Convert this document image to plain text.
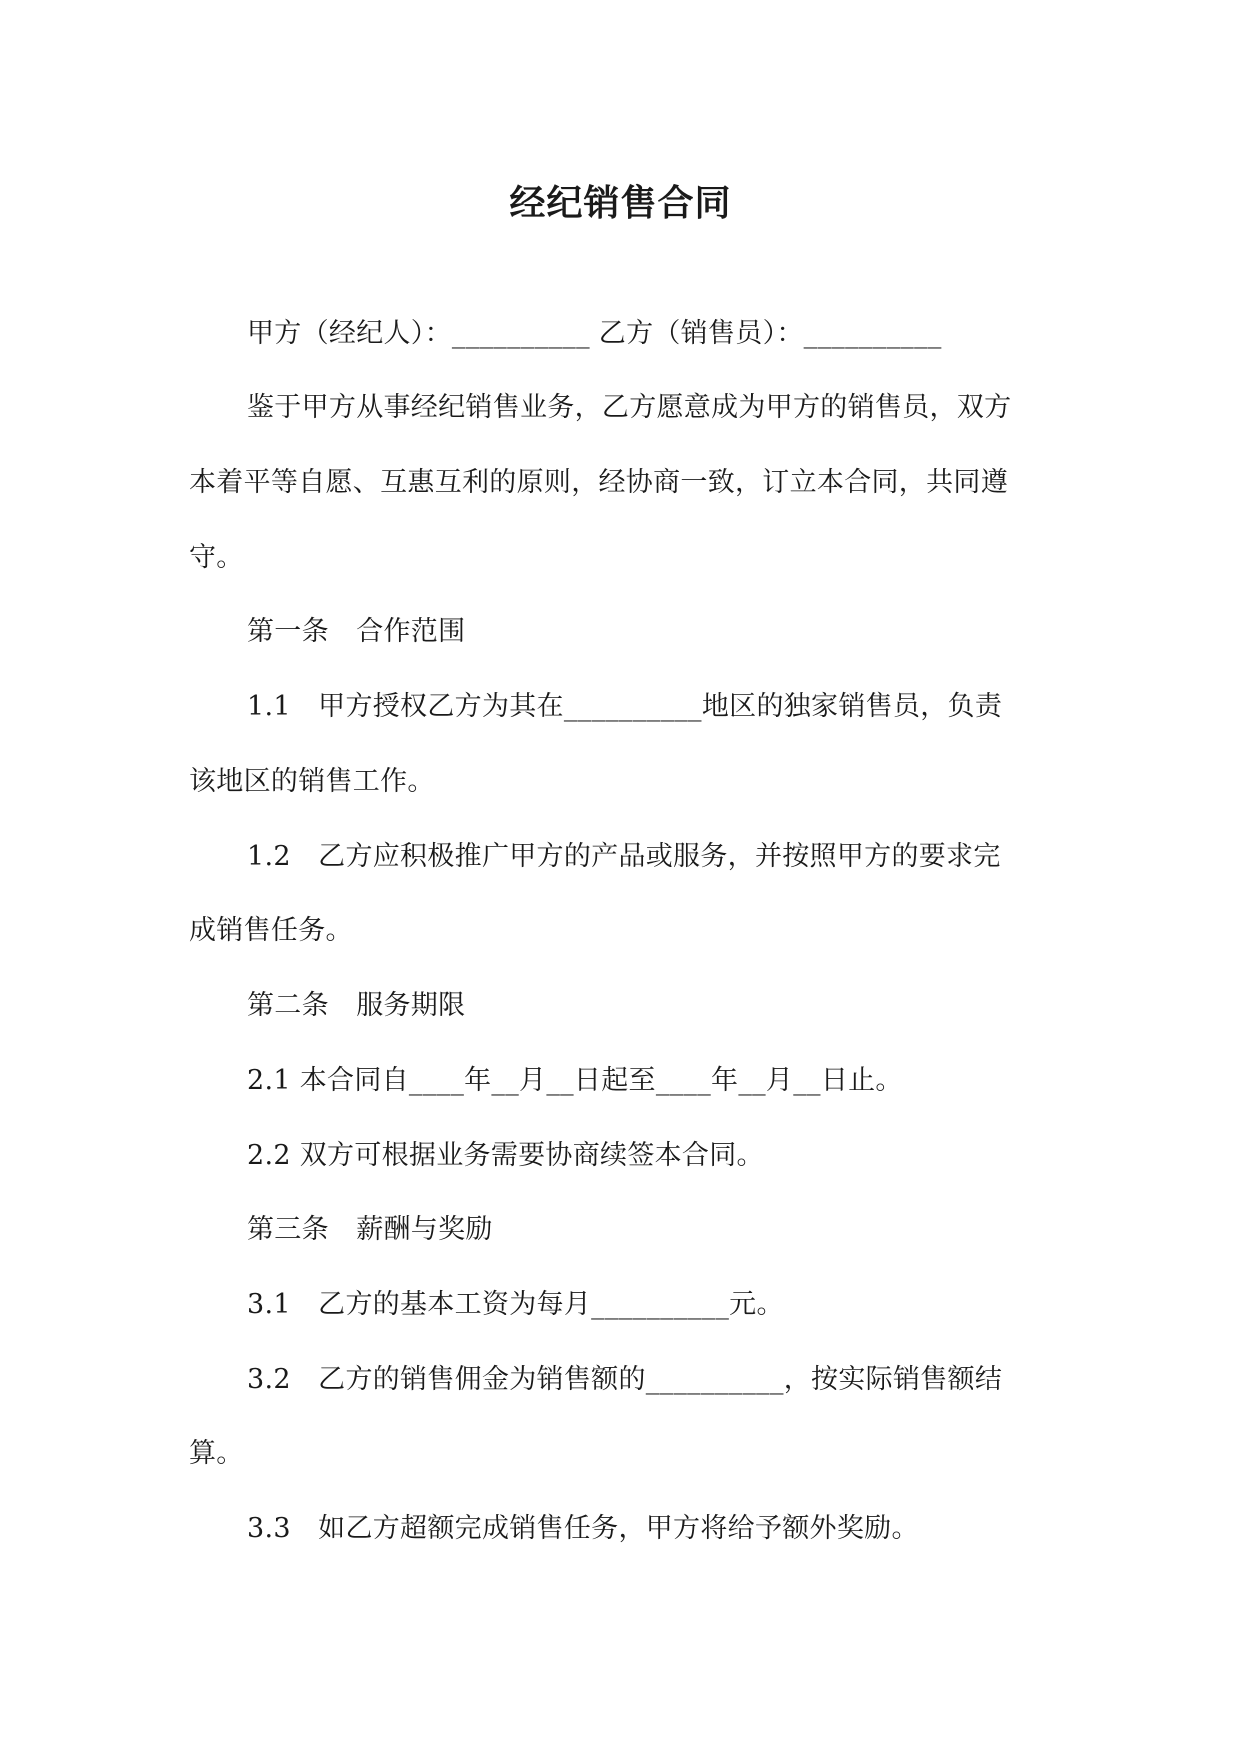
经纪销售合同
甲方（经纪人）：__________ 乙方（销售员）：__________
鉴于甲方从事经纪销售业务，乙方愿意成为甲方的销售员，双方
本着平等自愿、互惠互利的原则，经协商一致，订立本合同，共同遵
守。
第一条　合作范围
1.1　甲方授权乙方为其在__________地区的独家销售员，负责
该地区的销售工作。
1.2　乙方应积极推广甲方的产品或服务，并按照甲方的要求完
成销售任务。
第二条　服务期限
2.1 本合同自____年__月__日起至____年__月__日止。
2.2 双方可根据业务需要协商续签本合同。
第三条　薪酬与奖励
3.1　乙方的基本工资为每月__________元。
3.2　乙方的销售佣金为销售额的__________，按实际销售额结
算。
3.3　如乙方超额完成销售任务，甲方将给予额外奖励。
